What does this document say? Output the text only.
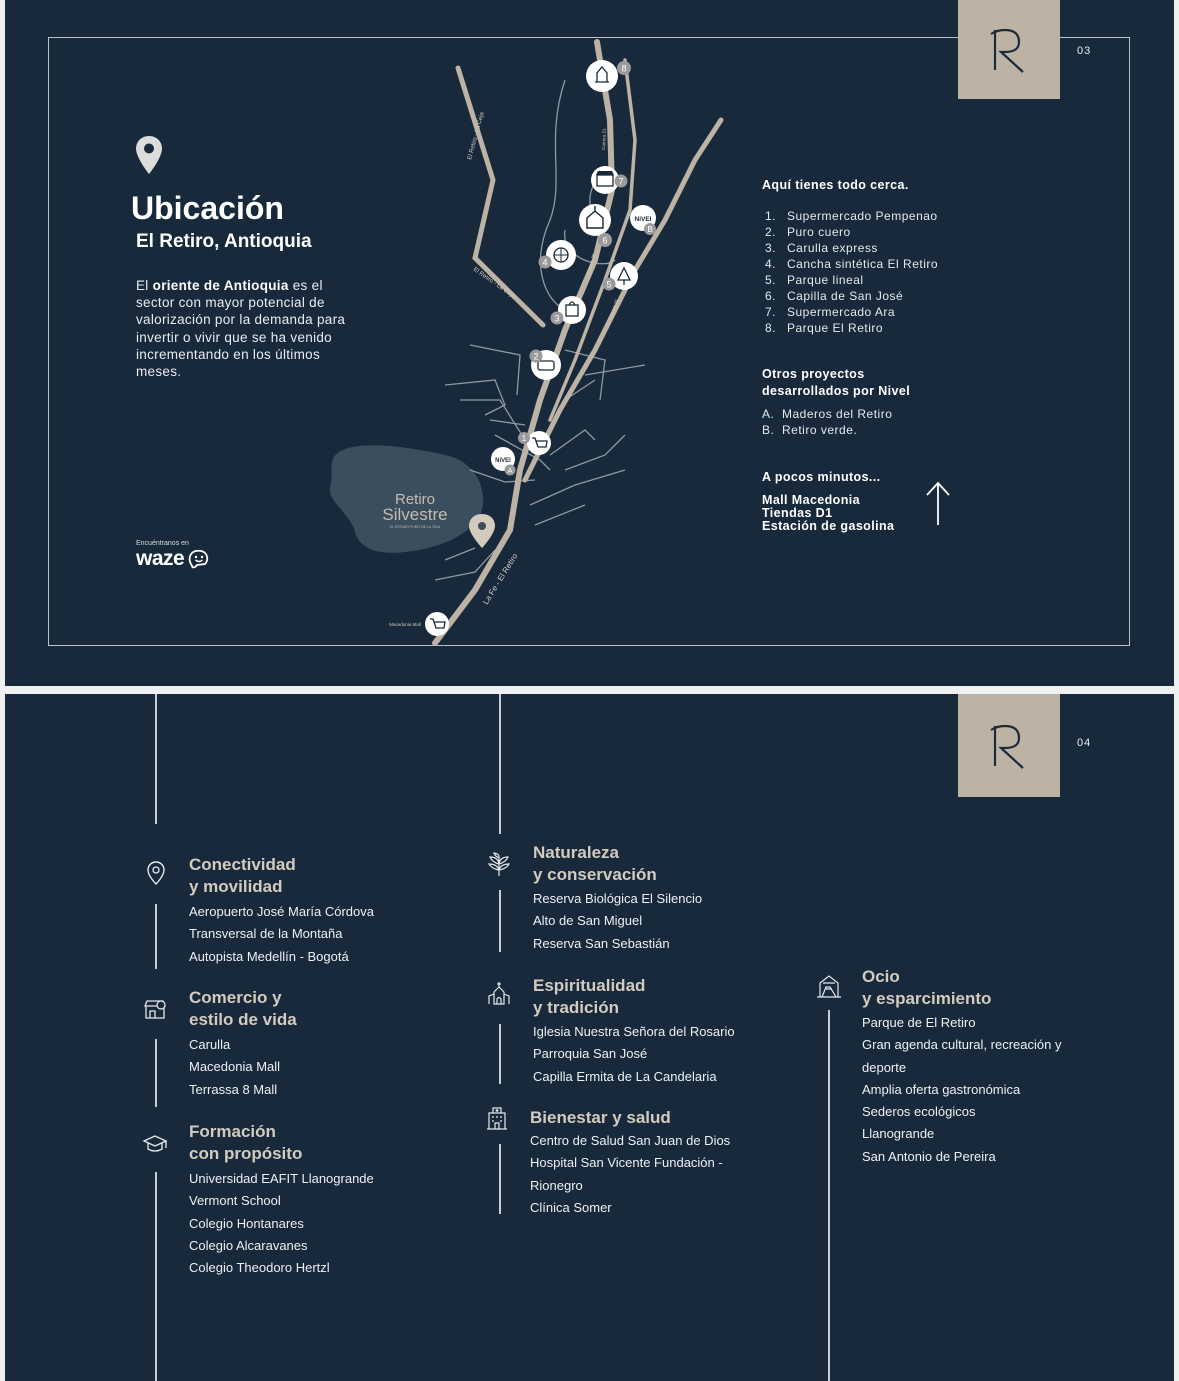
03
Ubicación
El Retiro, Antioquia
El oriente de Antioquia es el sector con mayor potencial de valorización por la demanda para invertir o vivir que se ha venido incrementando en los últimos meses.
Encuéntranos en
waze
El Retiro - La Ceja
El Retiro - La Ceja
La Fe - El Retiro
Carrera 21
Carrera 20
Carrera 21
Retiro
Silvestre
EL ESTADO PURO DE LA VIDA
8
7
6
NiVEl
B
4
5
3
2
1
NiVEl
A
Macedonia Mall
Aquí tienes todo cerca.
1. Supermercado Pempenao
2. Puro cuero
3. Carulla express
4. Cancha sintética El Retiro
5. Parque lineal
6. Capilla de San José
7. Supermercado Ara
8. Parque El Retiro
Otros proyectos
desarrollados por Nivel
A. Maderos del Retiro
B. Retiro verde.
A pocos minutos...
Mall Macedonia
Tiendas D1
Estación de gasolina
04
Conectividad
y movilidad
Aeropuerto José María Córdova
Transversal de la Montaña
Autopista Medellín - Bogotá
Comercio y
estilo de vida
Carulla
Macedonia Mall
Terrassa 8 Mall
Formación
con propósito
Universidad EAFIT Llanogrande
Vermont School
Colegio Hontanares
Colegio Alcaravanes
Colegio Theodoro Hertzl
Naturaleza
y conservación
Reserva Biológica El Silencio
Alto de San Miguel
Reserva San Sebastián
Espiritualidad
y tradición
Iglesia Nuestra Señora del Rosario
Parroquia San José
Capilla Ermita de La Candelaria
Bienestar y salud
Centro de Salud San Juan de Dios
Hospital San Vicente Fundación -
Rionegro
Clínica Somer
Ocio
y esparcimiento
Parque de El Retiro
Gran agenda cultural, recreación y
deporte
Amplia oferta gastronómica
Sederos ecológicos
Llanogrande
San Antonio de Pereira
